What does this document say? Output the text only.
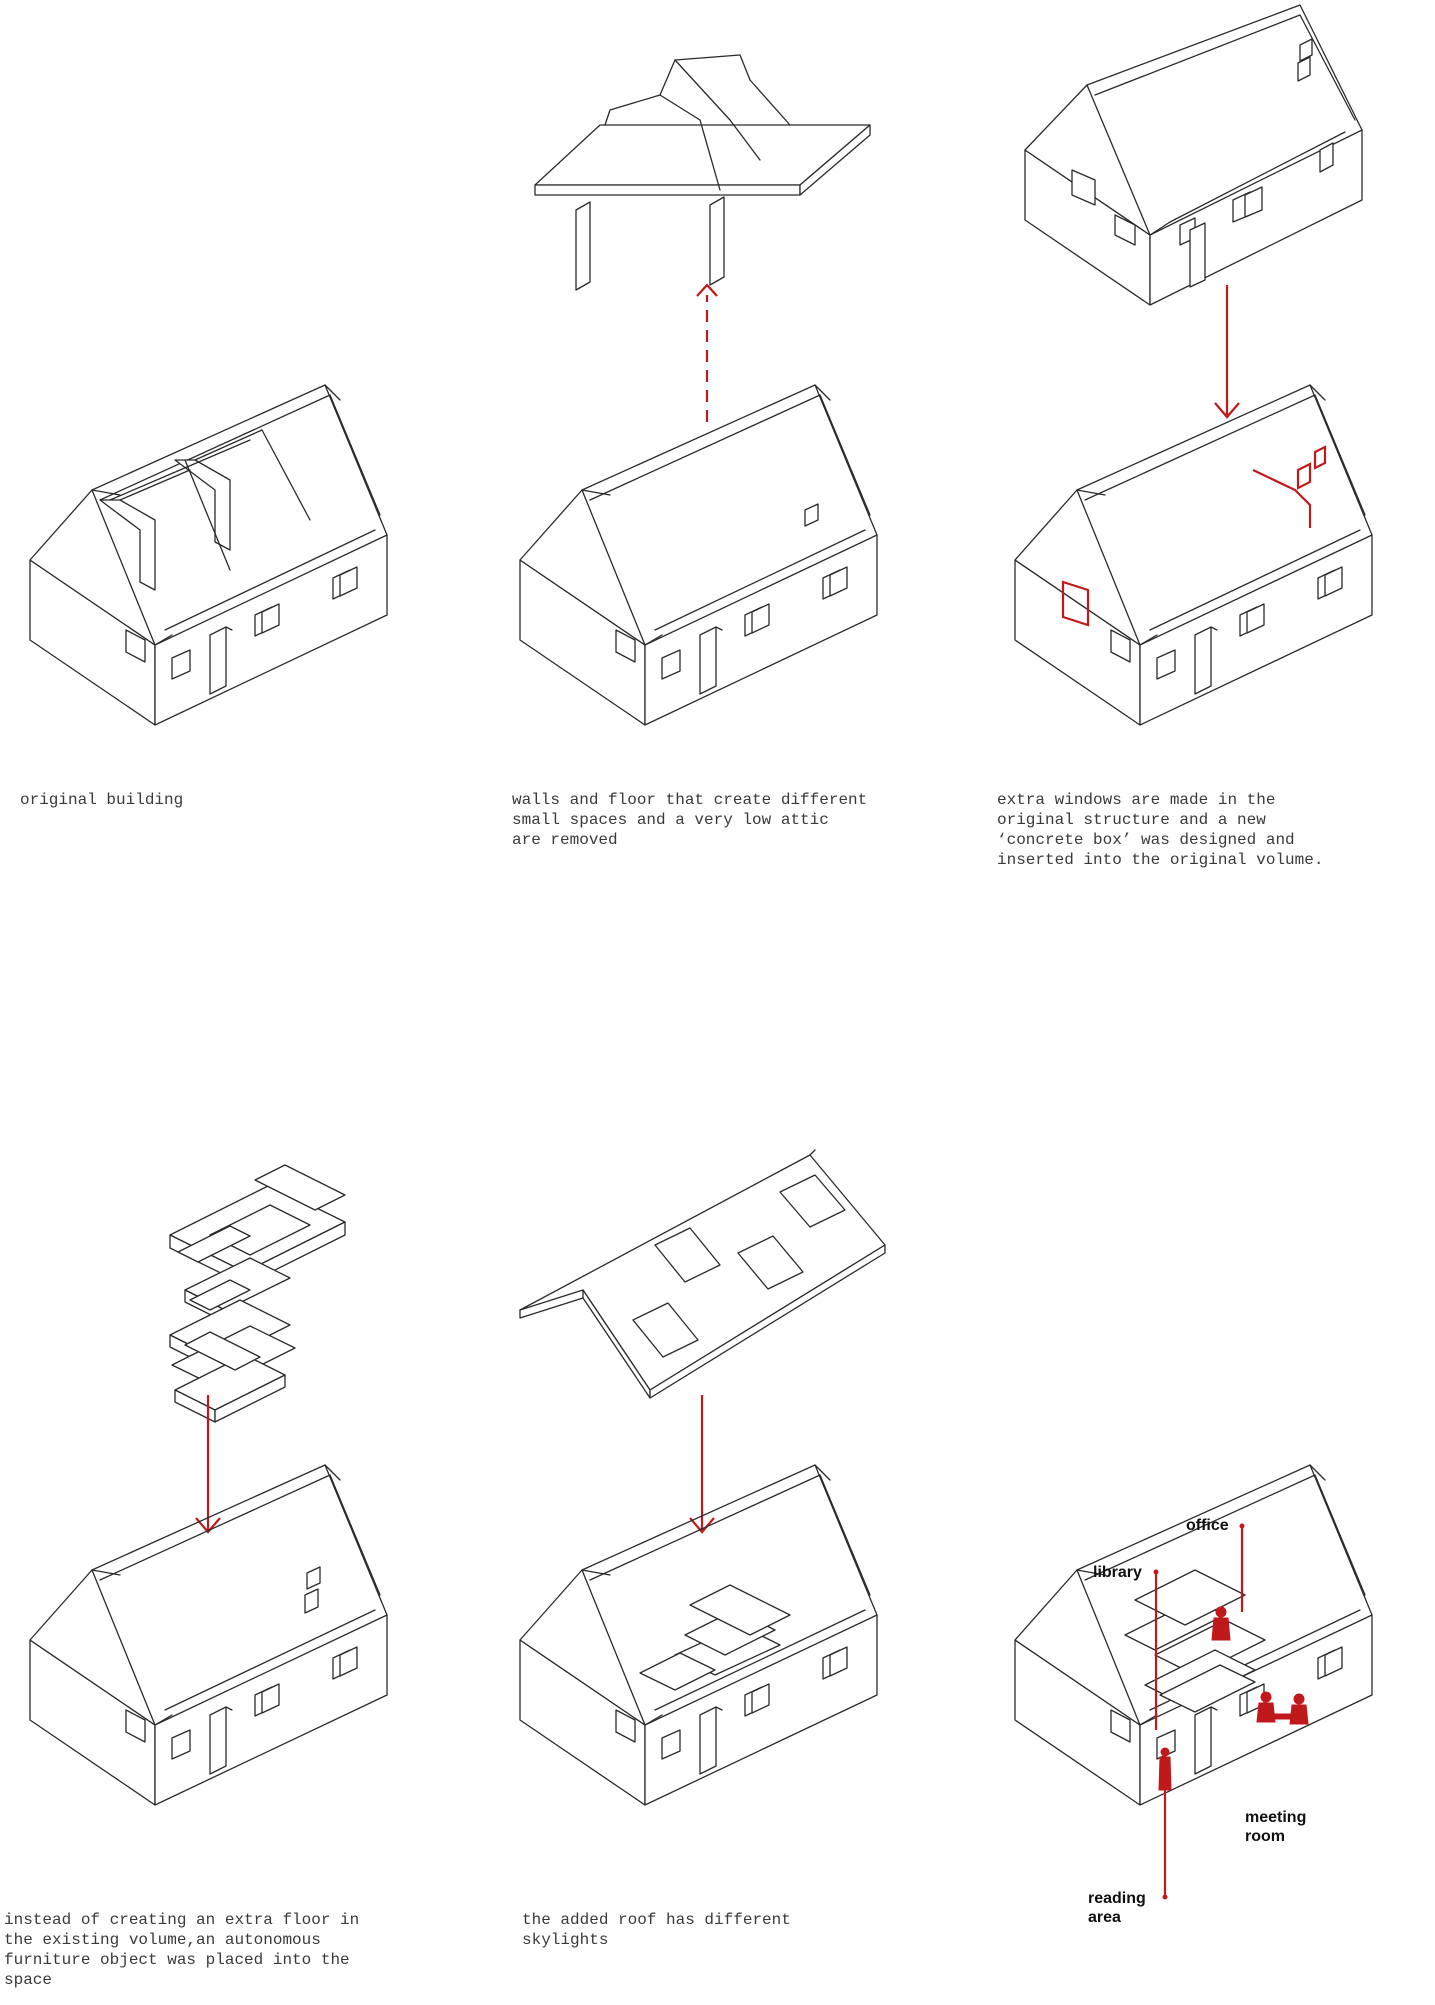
original building	walls and floor that create different
small spaces and a very low attic
are removed
extra windows are made in the
original structure and a new
‘concrete box’ was designed and
inserted into the original volume.
instead of creating an extra floor in
the existing volume,an autonomous
furniture object was placed into the
space
the added roof has different
skylights
office
library
meeting
room
reading
area
